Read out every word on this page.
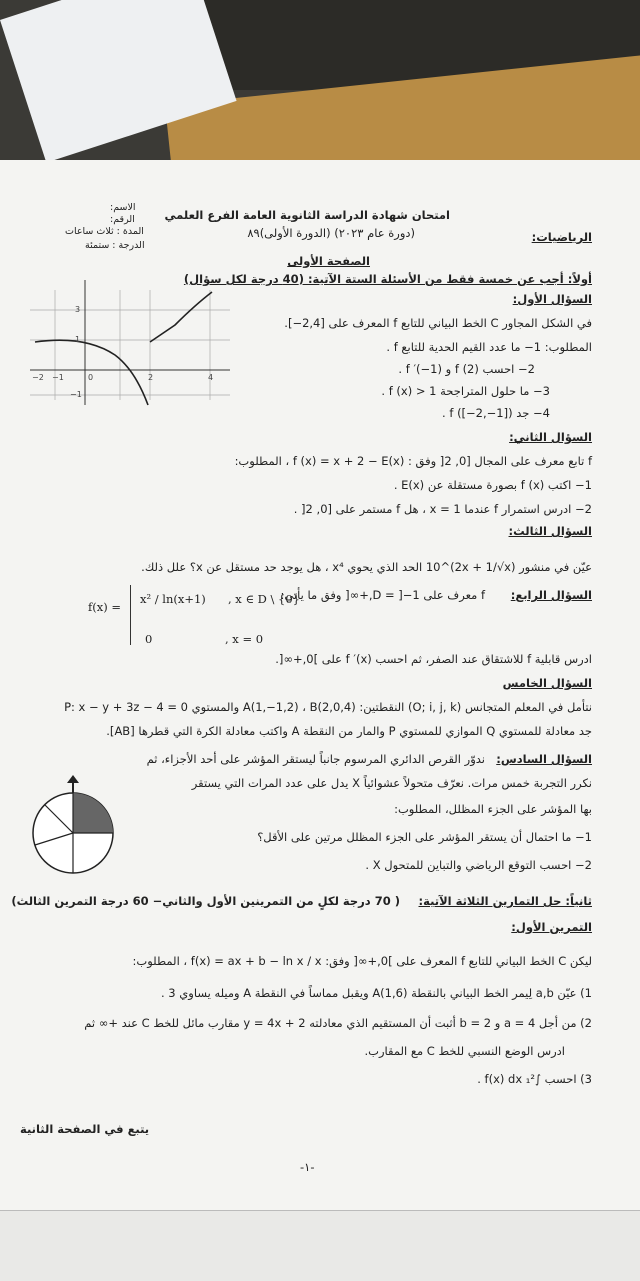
الرياضيات:
امتحان شهادة الدراسة الثانوية العامة الفرع العلمي
(دورة عام ٢٠٢٣) (الدورة الأولى)٨٩
الاسم:
الرقم:
المدة : ثلاث ساعات
الدرجة : ستمئة
الصفحة الأولى
أولاً: أجب عن خمسة فقط من الأسئلة الستة الآتية: (40 درجة لكل سؤال)
السؤال الأول:
في الشكل المجاور C الخط البياني للتابع f المعرف على [2,4−].
المطلوب: 1− ما عدد القيم الحدية للتابع f .
2− احسب f (2) و f ′(−1) .
3− ما حلول المتراجحة f (x) > 1 .
4− جد f ([−2,−1]) .
−2 −1	0	2	4
3
1
−1
السؤال الثاني:
f تابع معرف على المجال [0, 2[ وفق : f (x) = x + 2 − E(x) ، المطلوب:
1− اكتب f (x) بصورة مستقلة عن E(x) .
2− ادرس استمرار f عندما x = 1 ، هل f مستمر على [0, 2[ .
السؤال الثالث:
عيّن في منشور (2x + 1/√x)^10 الحد الذي يحوي x⁴ ، هل يوجد حد مستقل عن x؟ علل ذلك.
السؤال الرابع:
f معرف على D = ]−1,+∞[ وفق ما يأتي:
f(x) =
x² / ln(x+1) , x ∈ D \ {0}
0	, x = 0
ادرس قابلية f للاشتقاق عند الصفر، ثم احسب f ′(x) على ]0,+∞[.
السؤال الخامس
نتأمل في المعلم المتجانس (O; i, j, k) النقطتين: A(1,−1,2) ، B(2,0,4) والمستوي P: x − y + 3z − 4 = 0
جد معادلة للمستوي Q الموازي للمستوي P والمار من النقطة A واكتب معادلة الكرة التي قطرها [AB].
السؤال السادس:
ندوّر القرص الدائري المرسوم جانباً ليستقر المؤشر على أحد الأجزاء، ثم
نكرر التجربة خمس مرات. نعرّف متحولاً عشوائياً X يدل على عدد المرات التي يستقر
بها المؤشر على الجزء المظلل، المطلوب:
1− ما احتمال أن يستقر المؤشر على الجزء المظلل مرتين على الأقل؟
2− احسب التوقع الرياضي والتباين للمتحول X .
ثانياً: حل التمارين الثلاثة الآتية:
( 70 درجة لكلٍ من التمرينين الأول والثاني− 60 درجة التمرين الثالث)
التمرين الأول:
ليكن C الخط البياني للتابع f المعرف على ]0,+∞[ وفق: f(x) = ax + b − ln x / x ، المطلوب:
1) عيّن a,b لِيمر الخط البياني بالنقطة A(1,6) ويقبل مماساً في النقطة A وميله يساوي 3 .
2) من أجل a = 4 و b = 2 أثبت أن المستقيم الذي معادلته y = 4x + 2 مقارب مائل للخط C عند +∞ ثم
ادرس الوضع النسبي للخط C مع المقارب.
3) احسب ∫₁² f(x) dx .
يتبع في الصفحة الثانية
-١-
